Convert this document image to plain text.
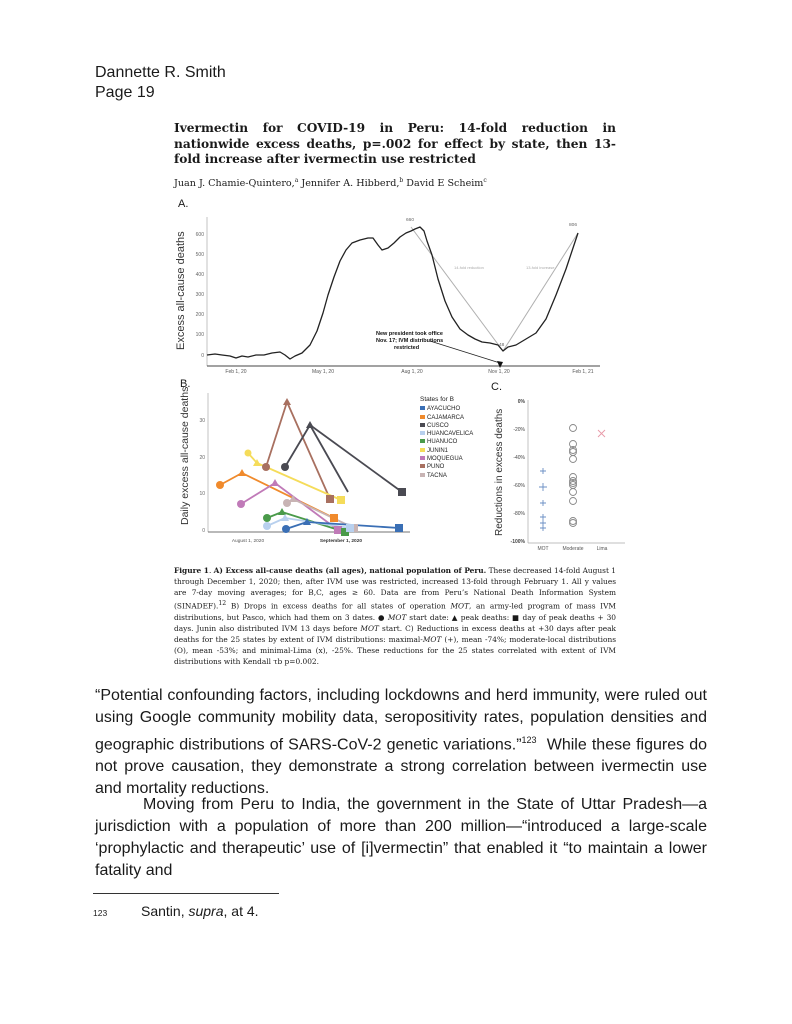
Dannette R. Smith
Page 19
Ivermectin for COVID-19 in Peru: 14-fold reduction in nationwide excess deaths, p=.002 for effect by state, then 13-fold increase after ivermectin use restricted
Juan J. Chamie-Quintero,$^a$ Jennifer A. Hibberd,$^b$ David E Scheim$^c$
A.
B.	C.
Excess all-cause deaths
0
100
200
300
400
500
600
Feb 1, 20	May 1, 20	Aug 1, 20	Nov 1, 20	Feb 1, 21
660
48
806
14-fold reduction	13-fold increase
New president took office
Nov. 17; IVM distributions
restricted
Daily excess all-cause deaths
0
10
20
30
August 1, 2020	September 1, 2020
States for B
AYACUCHO
CAJAMARCA
CUSCO
HUANCAVELICA
HUANUCO
JUNIN1
MOQUEGUA
PUNO
TACNA	Reductions in excess deaths
0%
-20%
-40%
-60%
-80%
-100%
MOT	Moderate	Lima
Figure 1. A) Excess all-cause deaths (all ages), national population of Peru. These decreased 14-fold August 1 through December 1, 2020; then, after IVM use was restricted, increased 13-fold through February 1. All y values are 7-day moving averages; for B,C, ages ≥ 60. Data are from Peru’s National Death Information System (SINADEF).$^{12}$ B) Drops in excess deaths for all states of operation MOT, an army-led program of mass IVM distributions, but Pasco, which had them on 3 dates. ● MOT start date: ▲ peak deaths: ■ day of peak deaths + 30 days. Junin also distributed IVM 13 days before MOT start. C) Reductions in excess deaths at +30 days after peak deaths for the 25 states by extent of IVM distributions: maximal-MOT (+), mean -74%; moderate-local distributions (O), mean -53%; and minimal-Lima (x), -25%. These reductions for the 25 states correlated with extent of IVM distributions with Kendall τb p=0.002.
“Potential confounding factors, including lockdowns and herd immunity, were ruled out using Google community mobility data, seropositivity rates, population densities and geographic distributions of SARS-CoV-2 genetic variations.”$^{123}$  While these figures do not prove causation, they demonstrate a strong correlation between ivermectin use and mortality reductions.
Moving from Peru to India, the government in the State of Uttar Pradesh—a jurisdiction with a population of more than 200 million—“introduced a large-scale ‘prophylactic and therapeutic’ use of [i]vermectin” that enabled it “to maintain a lower fatality and
123 Santin, supra, at 4.
